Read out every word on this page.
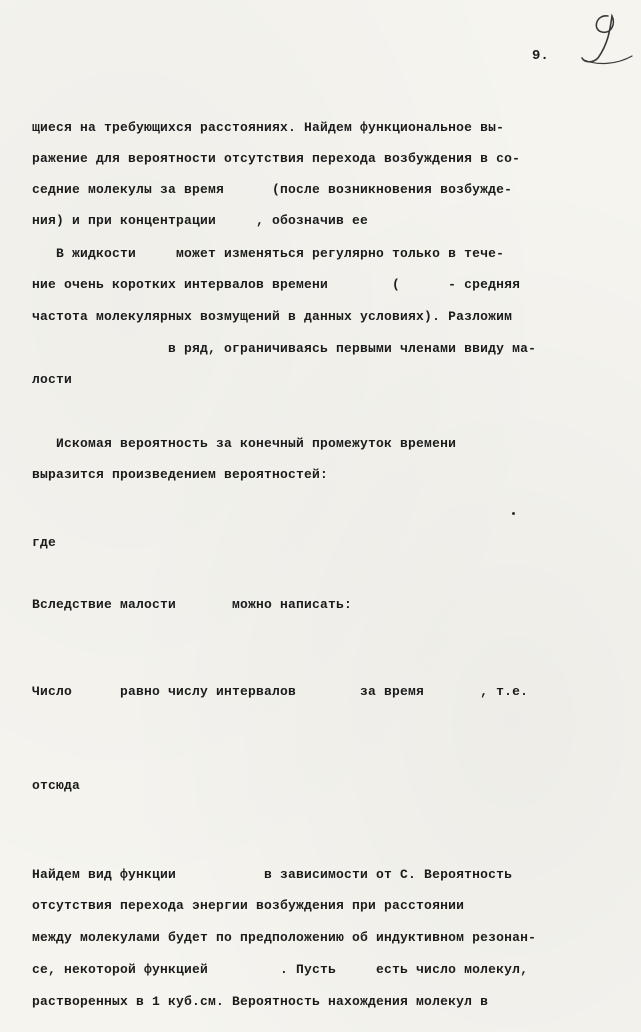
9.
щиеся на требующихся расстояниях. Найдем функциональное вы-
ражение для вероятности отсутствия перехода возбуждения в со-
седние молекулы за время      (после возникновения возбужде-
ния) и при концентрации     , обозначив ее
В жидкости     может изменяться регулярно только в тече-
ние очень коротких интервалов времени        (      - средняя
частота молекулярных возмущений в данных условиях). Разложим
в ряд, ограничиваясь первыми членами ввиду ма-
лости
Искомая вероятность за конечный промежуток времени
выразится произведением вероятностей:
где
Вследствие малости       можно написать:
Число      равно числу интервалов        за время       , т.е.
отсюда
Найдем вид функции           в зависимости от С. Вероятность
отсутствия перехода энергии возбуждения при расстоянии
между молекулами будет по предположению об индуктивном резонан-
се, некоторой функцией         . Пусть     есть число молекул,
растворенных в 1 куб.см. Вероятность нахождения молекул в
